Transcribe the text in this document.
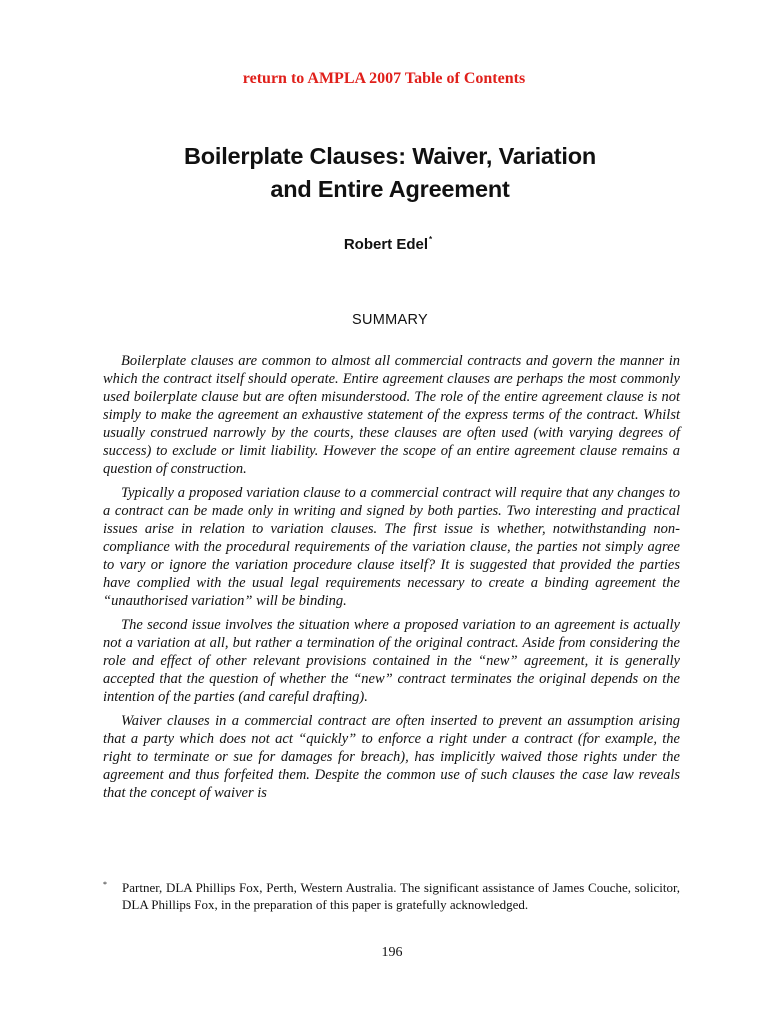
return to AMPLA 2007 Table of Contents
Boilerplate Clauses: Waiver, Variation
and Entire Agreement
Robert Edel*
SUMMARY

Boilerplate clauses are common to almost all commercial contracts and govern the manner in which the contract itself should operate. Entire agreement clauses are perhaps the most commonly used boilerplate clause but are often misunderstood. The role of the entire agreement clause is not simply to make the agreement an exhaustive statement of the express terms of the contract. Whilst usually construed narrowly by the courts, these clauses are often used (with varying degrees of success) to exclude or limit liability. However the scope of an entire agreement clause remains a question of construction.

Typically a proposed variation clause to a commercial contract will require that any changes to a contract can be made only in writing and signed by both parties. Two interesting and practical issues arise in relation to variation clauses. The first issue is whether, notwithstanding non-compliance with the procedural requirements of the variation clause, the parties not simply agree to vary or ignore the variation procedure clause itself? It is suggested that provided the parties have complied with the usual legal requirements necessary to create a binding agreement the “unauthorised variation” will be binding.

The second issue involves the situation where a proposed variation to an agreement is actually not a variation at all, but rather a termination of the original contract. Aside from considering the role and effect of other relevant provisions contained in the “new” agreement, it is generally accepted that the question of whether the “new” contract terminates the original depends on the intention of the parties (and careful drafting).

Waiver clauses in a commercial contract are often inserted to prevent an assumption arising that a party which does not act “quickly” to enforce a right under a contract (for example, the right to terminate or sue for damages for breach), has implicitly waived those rights under the agreement and thus forfeited them. Despite the common use of such clauses the case law reveals that the concept of waiver is

* Partner, DLA Phillips Fox, Perth, Western Australia. The significant assistance of James Couche, solicitor, DLA Phillips Fox, in the preparation of this paper is gratefully acknowledged.
196
